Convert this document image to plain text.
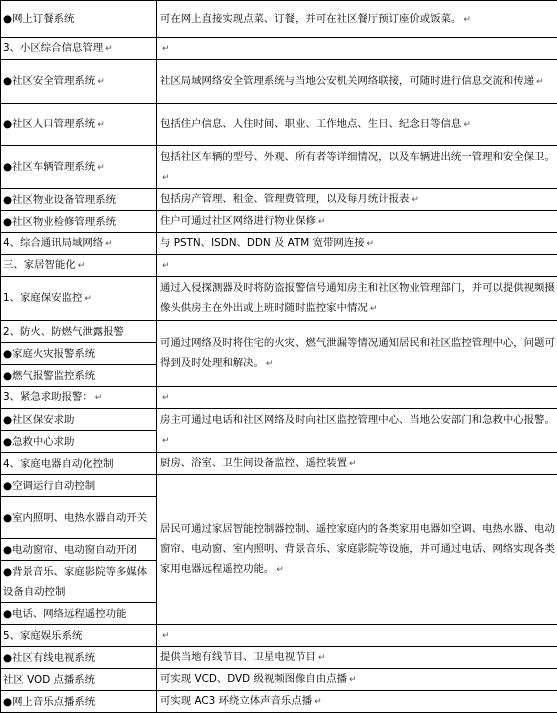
●网上订餐系统	可在网上直接实现点菜、订餐，并可在社区餐厅预订座价或饭菜。 ↵
3、小区综合信息管理 ↵	↵
●社区安全管理系统 ↵	社区局域网络安全管理系统与当地公安机关网络联接，可随时进行信息交流和传递 ↵
●社区人口管理系统 ↵	包括住户信息、人住时间、职业、工作地点、生日、纪念日等信息 ↵
●社区车辆管理系统 ↵	包括社区车辆的型号、外观、所有者等详细情况，以及车辆进出统一管理和安全保卫。↵
●社区物业设备管理系统	包括房产管理、租金、管理费管理，以及每月统计报表 ↵
●社区物业检修管理系统	住户可通过社区网络进行物业保修 ↵
4、综合通讯局域网络 ↵	与 PSTN、ISDN、DDN 及 ATM 宽带网连接 ↵
三、家居智能化 ↵	↵
1、家庭保安监控 ↵	通过入侵探测器及时将防盗报警信号通知房主和社区物业管理部门，并可以提供视频摄像头供房主在外出或上班时随时监控家中情况 ↵
2、防火、防燃气泄露报警	可通过网络及时将住宅的火灾、燃气泄漏等情况通知居民和社区监控管理中心，问题可得到及时处理和解决。 ↵
●家庭火灾报警系统	
●燃气报警监控系统	
3、紧急求助报警： ↵	↵
●社区保安求助	房主可通过电话和社区网络及时向社区监控管理中心、当地公安部门和急救中心报警。↵
●急救中心求助	
4、家庭电器自动化控制	厨房、浴室、卫生间设备监控、遥控装置 ↵
●空调运行自动控制	居民可通过家居智能控制器控制、遥控家庭内的各类家用电器如空调、电热水器、电动窗帘、电动窗、室内照明、背景音乐、家庭影院等设施，并可通过电话、网络实现各类家用电器远程遥控功能。 ↵
●室内照明、电热水器自动开关	
●电动窗帘、电动窗自动开闭	
●背景音乐、家庭影院等多媒体设备自动控制	
●电话、网络远程遥控功能	
5、家庭娱乐系统	↵
●社区有线电视系统	提供当地有线节目、卫星电视节目 ↵
社区 VOD 点播系统	可实现 VCD、DVD 级视频图像自由点播 ↵
●网上音乐点播系统	可实现 AC3 环绕立体声音乐点播 ↵
